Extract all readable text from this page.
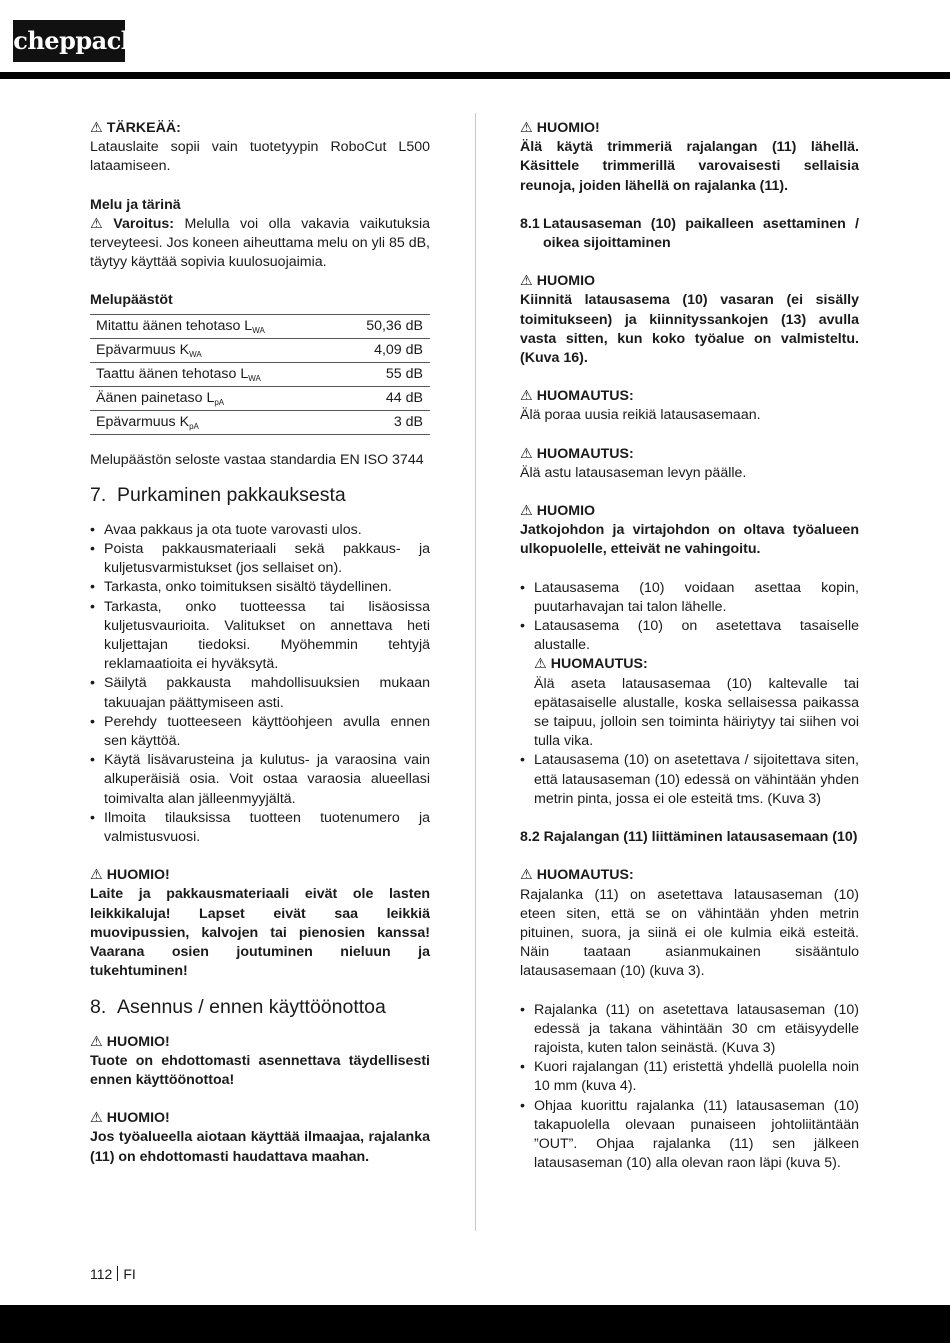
scheppach

⚠ TÄRKEÄÄ:

Latauslaite sopii vain tuotetyypin RoboCut L500 lataamiseen.

Melu ja tärinä

⚠ Varoitus: Melulla voi olla vakavia vaikutuksia terveyteesi. Jos koneen aiheuttama melu on yli 85 dB, täytyy käyttää sopivia kuulosuojaimia.

Melupäästöt

Mitattu äänen tehotaso $L_{WA}$	50,36 dB
Epävarmuus $K_{WA}$	4,09 dB
Taattu äänen tehotaso $L_{WA}$	55 dB
Äänen painetaso $L_{pA}$	44 dB
Epävarmuus $K_{pA}$	3 dB

Melupäästön seloste vastaa standardia EN ISO 3744

7. Purkaminen pakkauksesta
• Avaa pakkaus ja ota tuote varovasti ulos.
• Poista pakkausmateriaali sekä pakkaus- ja kuljetusvarmistukset (jos sellaiset on).
• Tarkasta, onko toimituksen sisältö täydellinen.
• Tarkasta, onko tuotteessa tai lisäosissa kuljetusvaurioita. Valitukset on annettava heti kuljettajan tiedoksi. Myöhemmin tehtyjä reklamaatioita ei hyväksytä.
• Säilytä pakkausta mahdollisuuksien mukaan takuuajan päättymiseen asti.
• Perehdy tuotteeseen käyttöohjeen avulla ennen sen käyttöä.
• Käytä lisävarusteina ja kulutus- ja varaosina vain alkuperäisiä osia. Voit ostaa varaosia alueellasi toimivalta alan jälleenmyyjältä.
• Ilmoita tilauksissa tuotteen tuotenumero ja valmistusvuosi.

⚠ HUOMIO!

Laite ja pakkausmateriaali eivät ole lasten leikkikaluja! Lapset eivät saa leikkiä muovipussien, kalvojen tai pienosien kanssa! Vaarana osien joutuminen nieluun ja tukehtuminen!

8. Asennus / ennen käyttöönottoa

⚠ HUOMIO!

Tuote on ehdottomasti asennettava täydellisesti ennen käyttöönottoa!

⚠ HUOMIO!

Jos työalueella aiotaan käyttää ilmaajaa, rajalanka (11) on ehdottomasti haudattava maahan.

⚠ HUOMIO!

Älä käytä trimmeriä rajalangan (11) lähellä. Käsittele trimmerillä varovaisesti sellaisia reunoja, joiden lähellä on rajalanka (11).

8.1 Latausaseman (10) paikalleen asettaminen / oikea sijoittaminen

⚠ HUOMIO

Kiinnitä latausasema (10) vasaran (ei sisälly toimitukseen) ja kiinnityssankojen (13) avulla vasta sitten, kun koko työalue on valmisteltu. (Kuva 16).

⚠ HUOMAUTUS:

Älä poraa uusia reikiä latausasemaan.

⚠ HUOMAUTUS:

Älä astu latausaseman levyn päälle.

⚠ HUOMIO

Jatkojohdon ja virtajohdon on oltava työalueen ulkopuolelle, etteivät ne vahingoitu.

• Latausasema (10) voidaan asettaa kopin, puutarhavajan tai talon lähelle.
• Latausasema (10) on asetettava tasaiselle alustalle.

⚠ HUOMAUTUS:

Älä aseta latausasemaa (10) kaltevalle tai epätasaiselle alustalle, koska sellaisessa paikassa se taipuu, jolloin sen toiminta häiriytyy tai siihen voi tulla vika.

• Latausasema (10) on asetettava / sijoitettava siten, että latausaseman (10) edessä on vähintään yhden metrin pinta, jossa ei ole esteitä tms. (Kuva 3)

8.2 Rajalangan (11) liittäminen latausasemaan (10)

⚠ HUOMAUTUS:

Rajalanka (11) on asetettava latausaseman (10) eteen siten, että se on vähintään yhden metrin pituinen, suora, ja siinä ei ole kulmia eikä esteitä. Näin taataan asianmukainen sisääntulo latausasemaan (10) (kuva 3).

• Rajalanka (11) on asetettava latausaseman (10) edessä ja takana vähintään 30 cm etäisyydelle rajoista, kuten talon seinästä. (Kuva 3)
• Kuori rajalangan (11) eristettä yhdellä puolella noin 10 mm (kuva 4).
• Ohjaa kuorittu rajalanka (11) latausaseman (10) takapuolella olevaan punaiseen johtoliitäntään ”OUT”. Ohjaa rajalanka (11) sen jälkeen latausaseman (10) alla olevan raon läpi (kuva 5).
112 FI
